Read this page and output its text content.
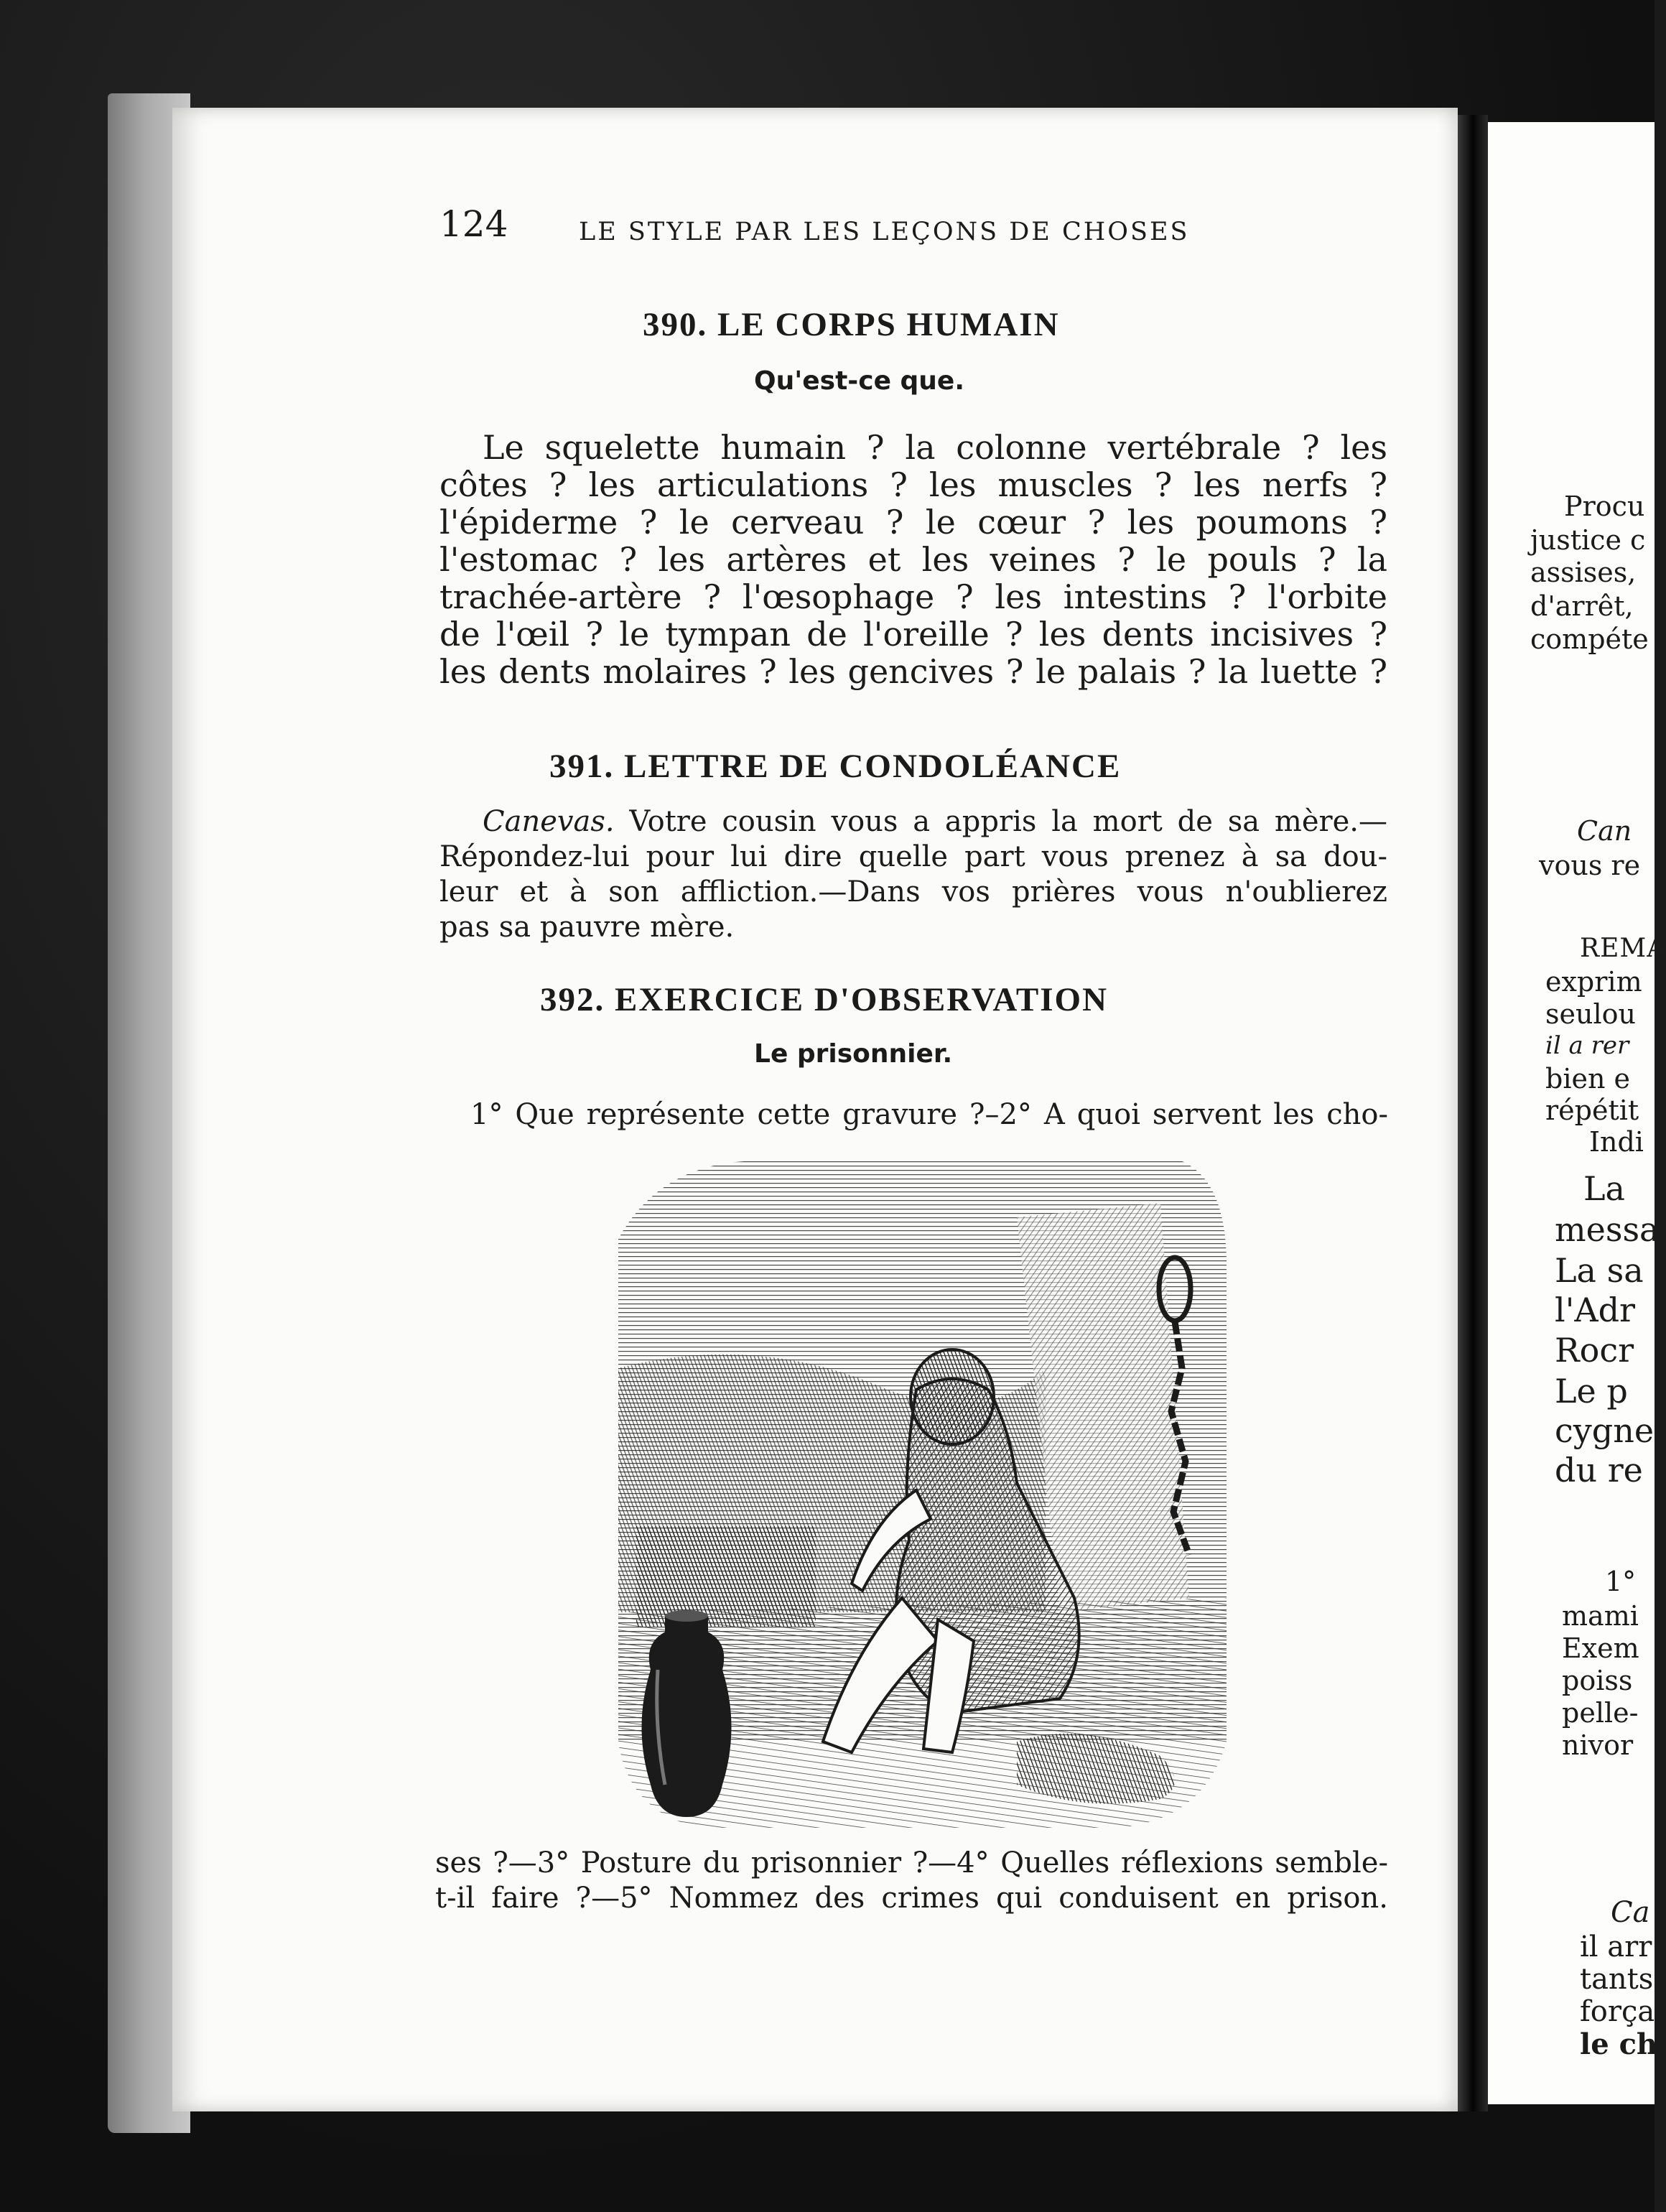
124	LE STYLE PAR LES LEÇONS DE CHOSES
390. LE CORPS HUMAIN
Qu'est-ce que.
Le squelette humain ? la colonne vertébrale ? les
côtes ? les articulations ? les muscles ? les nerfs ?
l'épiderme ? le cerveau ? le cœur ? les poumons ?
l'estomac ? les artères et les veines ? le pouls ? la
trachée-artère ? l'œsophage ? les intestins ? l'orbite
de l'œil ? le tympan de l'oreille ? les dents incisives ?
les dents molaires ? les gencives ? le palais ? la luette ?
391. LETTRE DE CONDOLÉANCE
Canevas. Votre cousin vous a appris la mort de sa mère.—
Répondez-lui pour lui dire quelle part vous prenez à sa dou-
leur et à son affliction.—Dans vos prières vous n'oublierez
pas sa pauvre mère.
392. EXERCICE D'OBSERVATION
Le prisonnier.
1° Que représente cette gravure ?–2° A quoi servent les cho-
ses ?—3° Posture du prisonnier ?—4° Quelles réflexions semble-
t-il faire ?—5° Nommez des crimes qui conduisent en prison.
Procu
justice c
assises,
d'arrêt,
compéte
Can
vous re
REMA
exprim
seulou
il a rer
bien e
répétit
Indi
La
messa
La sa
l'Adr
Rocr
Le p
cygne
du re
1°
mami
Exem
poiss
pelle-
nivor
Ca
il arr
tants
força
le ch
